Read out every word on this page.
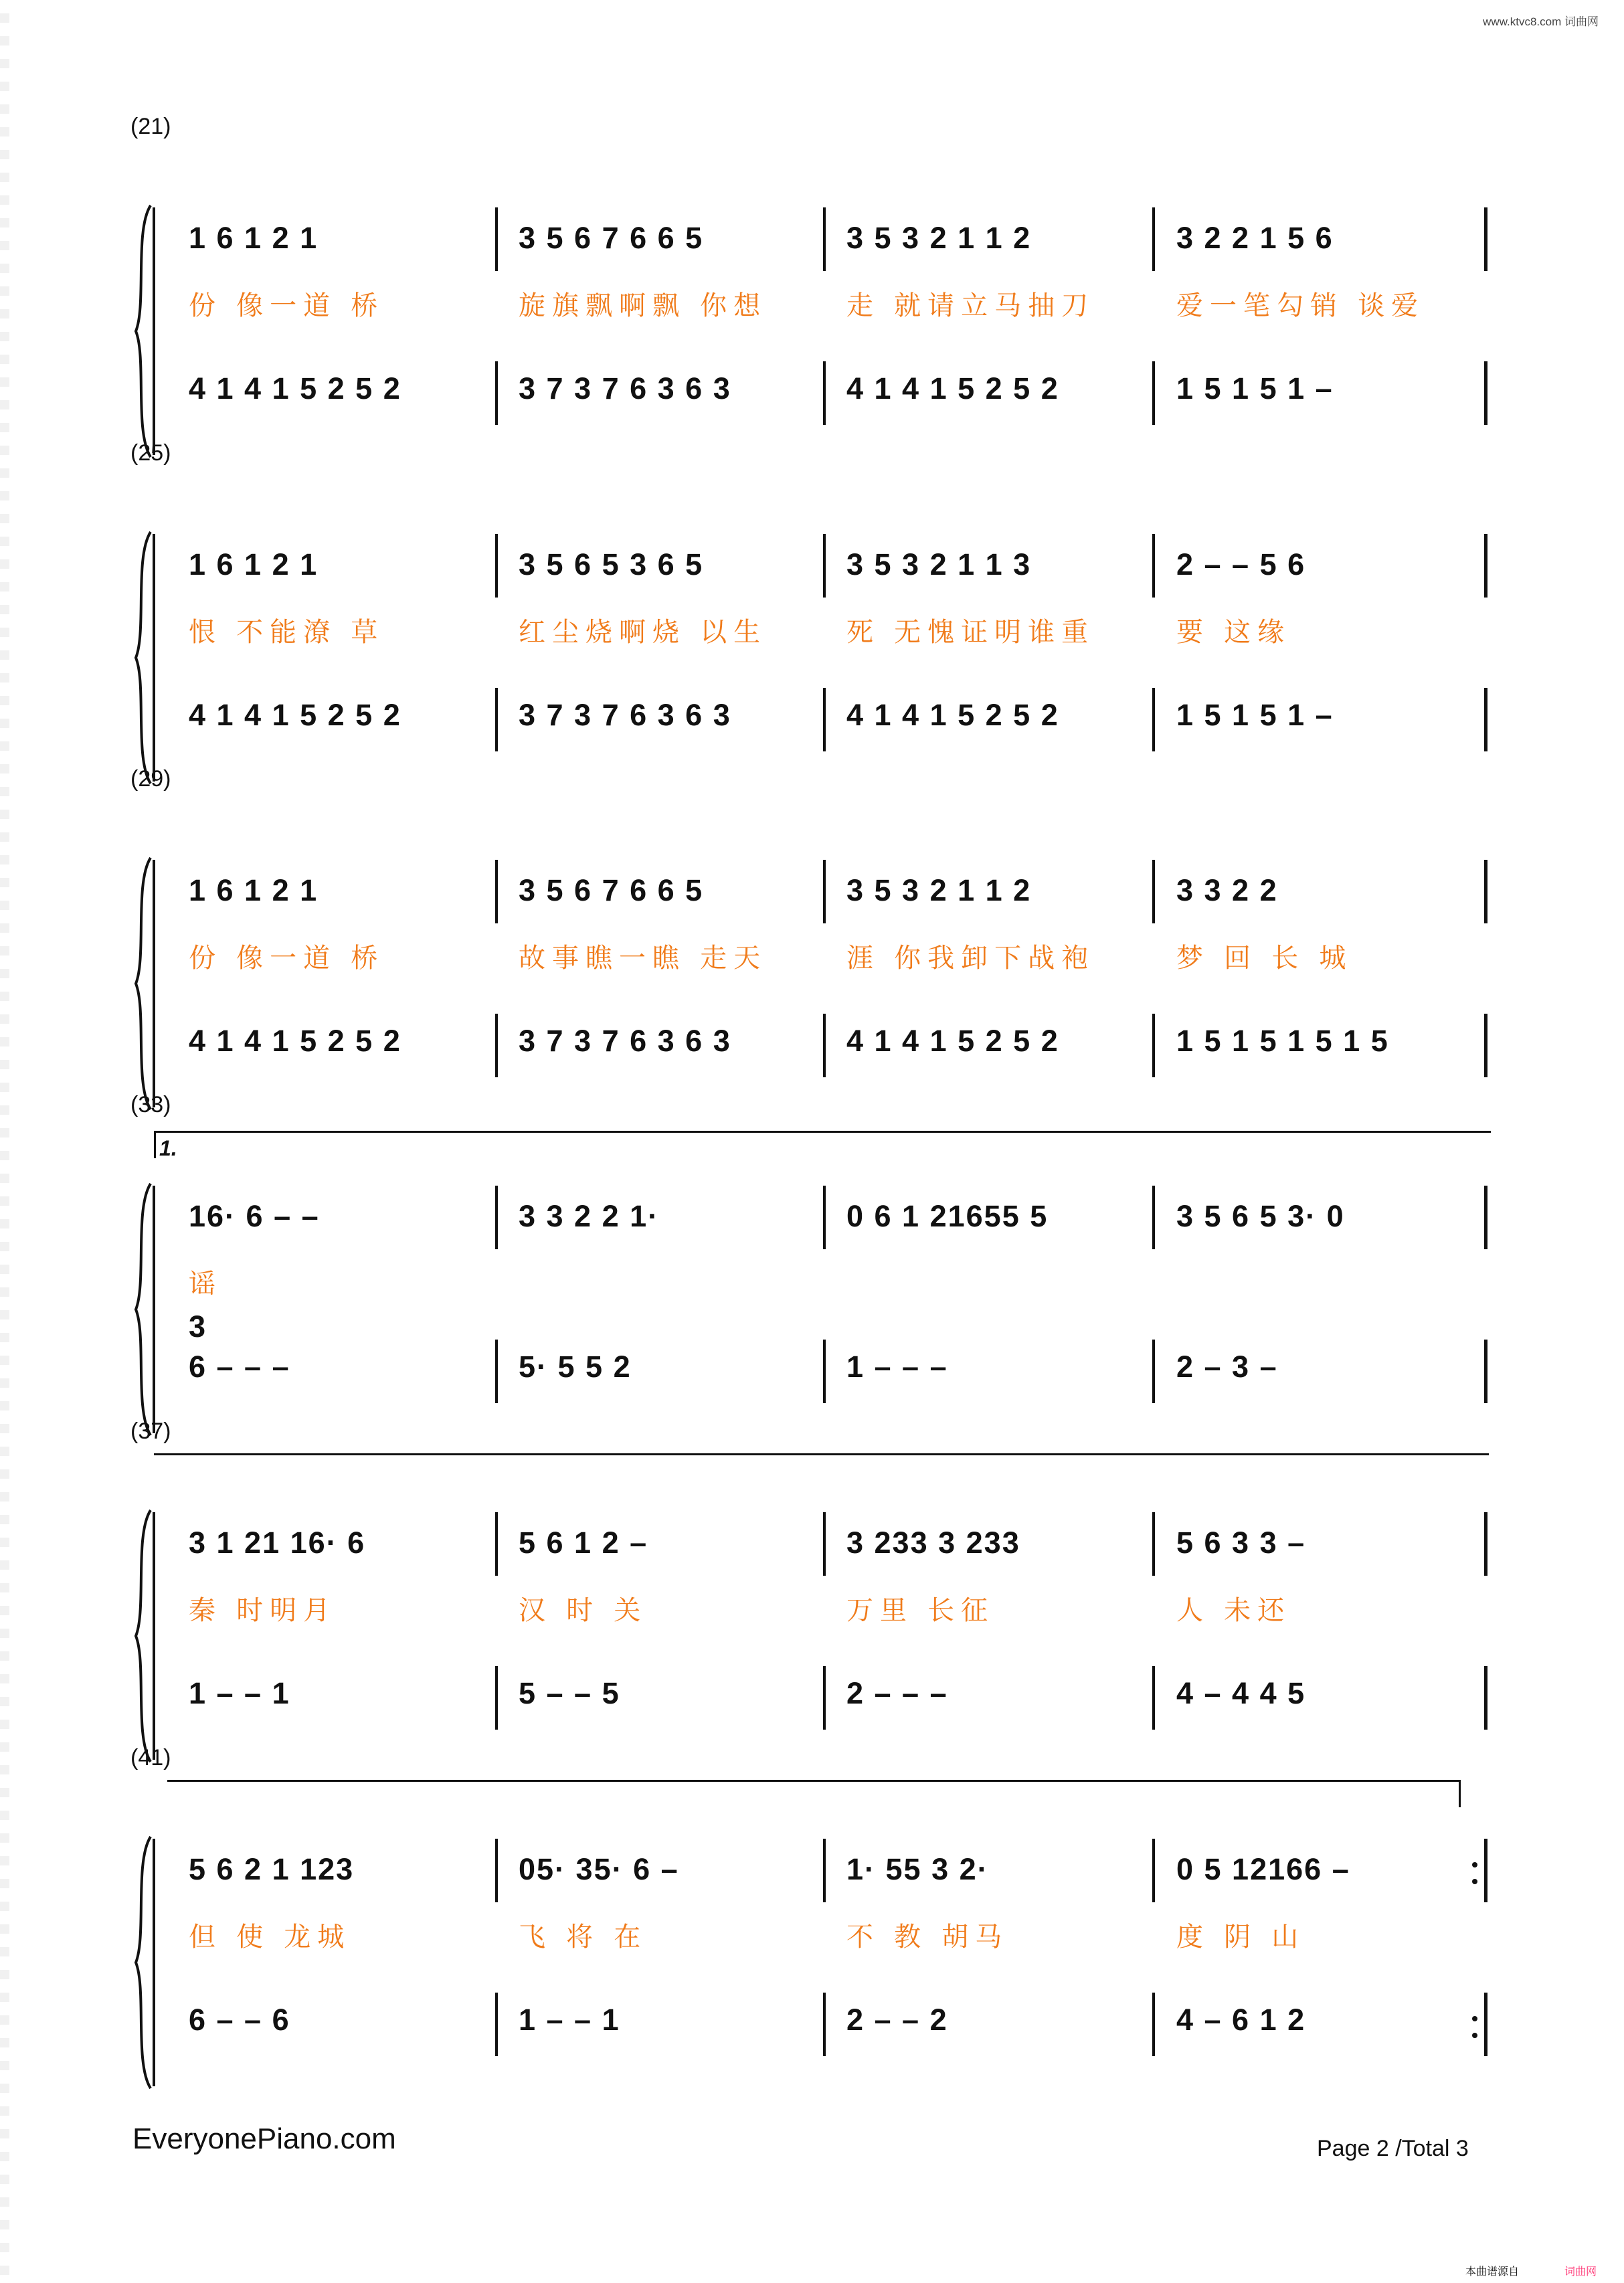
www.ktvc8.com 词曲网
(21)
1 6 1 2 1	3 5 6 7 6 6 5	3 5 3 2 1 1 2	3 2 2 1 5 6
份 像一道 桥	旋旗飘啊飘 你想	走 就请立马抽刀	爱一笔勾销 谈爱
4 1 4 1 5 2 5 2	3 7 3 7 6 3 6 3	4 1 4 1 5 2 5 2	1 5 1 5 1 –
(25)
1 6 1 2 1	3 5 6 5 3 6 5	3 5 3 2 1 1 3	2 – – 5 6
恨 不能潦 草	红尘烧啊烧 以生	死 无愧证明谁重	要 这缘
4 1 4 1 5 2 5 2	3 7 3 7 6 3 6 3	4 1 4 1 5 2 5 2	1 5 1 5 1 –
(29)
1 6 1 2 1	3 5 6 7 6 6 5	3 5 3 2 1 1 2	3 3 2 2
份 像一道 桥	故事瞧一瞧 走天	涯 你我卸下战袍	梦 回 长 城
4 1 4 1 5 2 5 2	3 7 3 7 6 3 6 3	4 1 4 1 5 2 5 2	1 5 1 5 1 5 1 5
(33)
16· 6 – –	3 3 2 2 1·	0 6 1 21655 5	3 5 6 5 3· 0
谣
6 – – –	5· 5 5 2	1 – – –	2 – 3 –
3
1.
(37)
3 1 21 16· 6	5 6 1 2 –	3 233 3 233	5 6 3 3 –
秦 时明月	汉 时 关	万里 长征	人 未还
1 – – 1	5 – – 5	2 – – –	4 – 4 4 5
(41)
5 6 2 1 123	05· 35· 6 –	1· 55 3 2·	0 5 12166 –
但 使 龙城	飞 将 在	不 教 胡马	度 阴 山
6 – – 6	1 – – 1	2 – – 2	4 – 6 1 2
EveryonePiano.com	Page 2 /Total 3
本曲谱源自	词曲网
